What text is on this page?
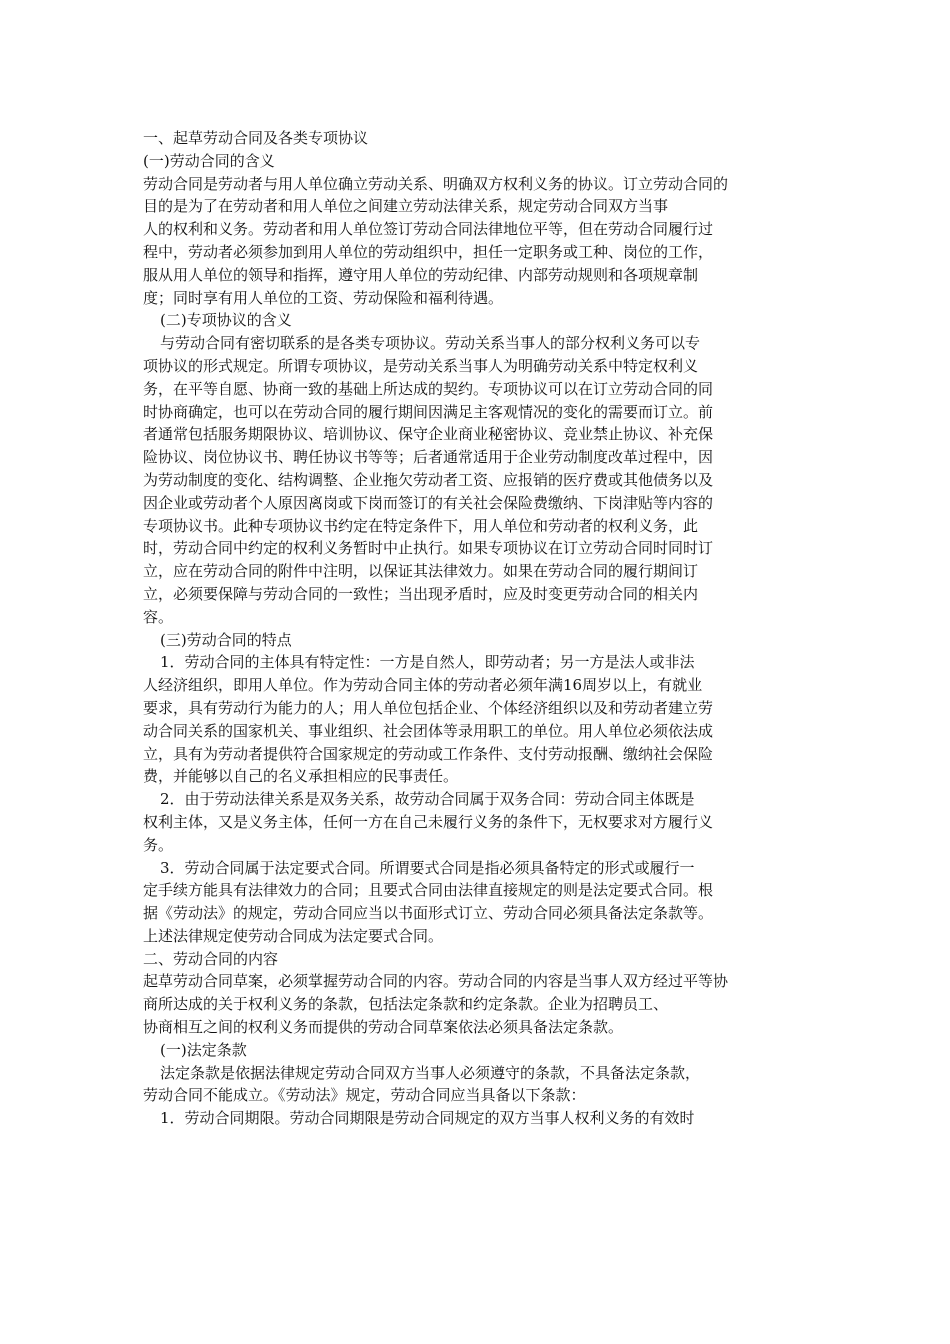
一、起草劳动合同及各类专项协议
(一)劳动合同的含义
劳动合同是劳动者与用人单位确立劳动关系、明确双方权利义务的协议。订立劳动合同的
目的是为了在劳动者和用人单位之间建立劳动法律关系，规定劳动合同双方当事
人的权利和义务。劳动者和用人单位签订劳动合同法律地位平等，但在劳动合同履行过
程中，劳动者必须参加到用人单位的劳动组织中，担任一定职务或工种、岗位的工作，
服从用人单位的领导和指挥，遵守用人单位的劳动纪律、内部劳动规则和各项规章制
度；同时享有用人单位的工资、劳动保险和福利待遇。
(二)专项协议的含义
与劳动合同有密切联系的是各类专项协议。劳动关系当事人的部分权利义务可以专
项协议的形式规定。所谓专项协议，是劳动关系当事人为明确劳动关系中特定权利义
务，在平等自愿、协商一致的基础上所达成的契约。专项协议可以在订立劳动合同的同
时协商确定，也可以在劳动合同的履行期间因满足主客观情况的变化的需要而订立。前
者通常包括服务期限协议、培训协议、保守企业商业秘密协议、竞业禁止协议、补充保
险协议、岗位协议书、聘任协议书等等；后者通常适用于企业劳动制度改革过程中，因
为劳动制度的变化、结构调整、企业拖欠劳动者工资、应报销的医疗费或其他债务以及
因企业或劳动者个人原因离岗或下岗而签订的有关社会保险费缴纳、下岗津贴等内容的
专项协议书。此种专项协议书约定在特定条件下，用人单位和劳动者的权利义务，此
时，劳动合同中约定的权利义务暂时中止执行。如果专项协议在订立劳动合同时同时订
立，应在劳动合同的附件中注明，以保证其法律效力。如果在劳动合同的履行期间订
立，必须要保障与劳动合同的一致性；当出现矛盾时，应及时变更劳动合同的相关内
容。
(三)劳动合同的特点
1．劳动合同的主体具有特定性：一方是自然人，即劳动者；另一方是法人或非法
人经济组织，即用人单位。作为劳动合同主体的劳动者必须年满16周岁以上，有就业
要求，具有劳动行为能力的人；用人单位包括企业、个体经济组织以及和劳动者建立劳
动合同关系的国家机关、事业组织、社会团体等录用职工的单位。用人单位必须依法成
立，具有为劳动者提供符合国家规定的劳动或工作条件、支付劳动报酬、缴纳社会保险
费，并能够以自己的名义承担相应的民事责任。
2．由于劳动法律关系是双务关系，故劳动合同属于双务合同：劳动合同主体既是
权利主体，又是义务主体，任何一方在自己未履行义务的条件下，无权要求对方履行义
务。
3．劳动合同属于法定要式合同。所谓要式合同是指必须具备特定的形式或履行一
定手续方能具有法律效力的合同；且要式合同由法律直接规定的则是法定要式合同。根
据《劳动法》的规定，劳动合同应当以书面形式订立、劳动合同必须具备法定条款等。
上述法律规定使劳动合同成为法定要式合同。
二、劳动合同的内容
起草劳动合同草案，必须掌握劳动合同的内容。劳动合同的内容是当事人双方经过平等协
商所达成的关于权利义务的条款，包括法定条款和约定条款。企业为招聘员工、
协商相互之间的权利义务而提供的劳动合同草案依法必须具备法定条款。
(一)法定条款
法定条款是依据法律规定劳动合同双方当事人必须遵守的条款，不具备法定条款，
劳动合同不能成立。《劳动法》规定，劳动合同应当具备以下条款：
1．劳动合同期限。劳动合同期限是劳动合同规定的双方当事人权利义务的有效时
